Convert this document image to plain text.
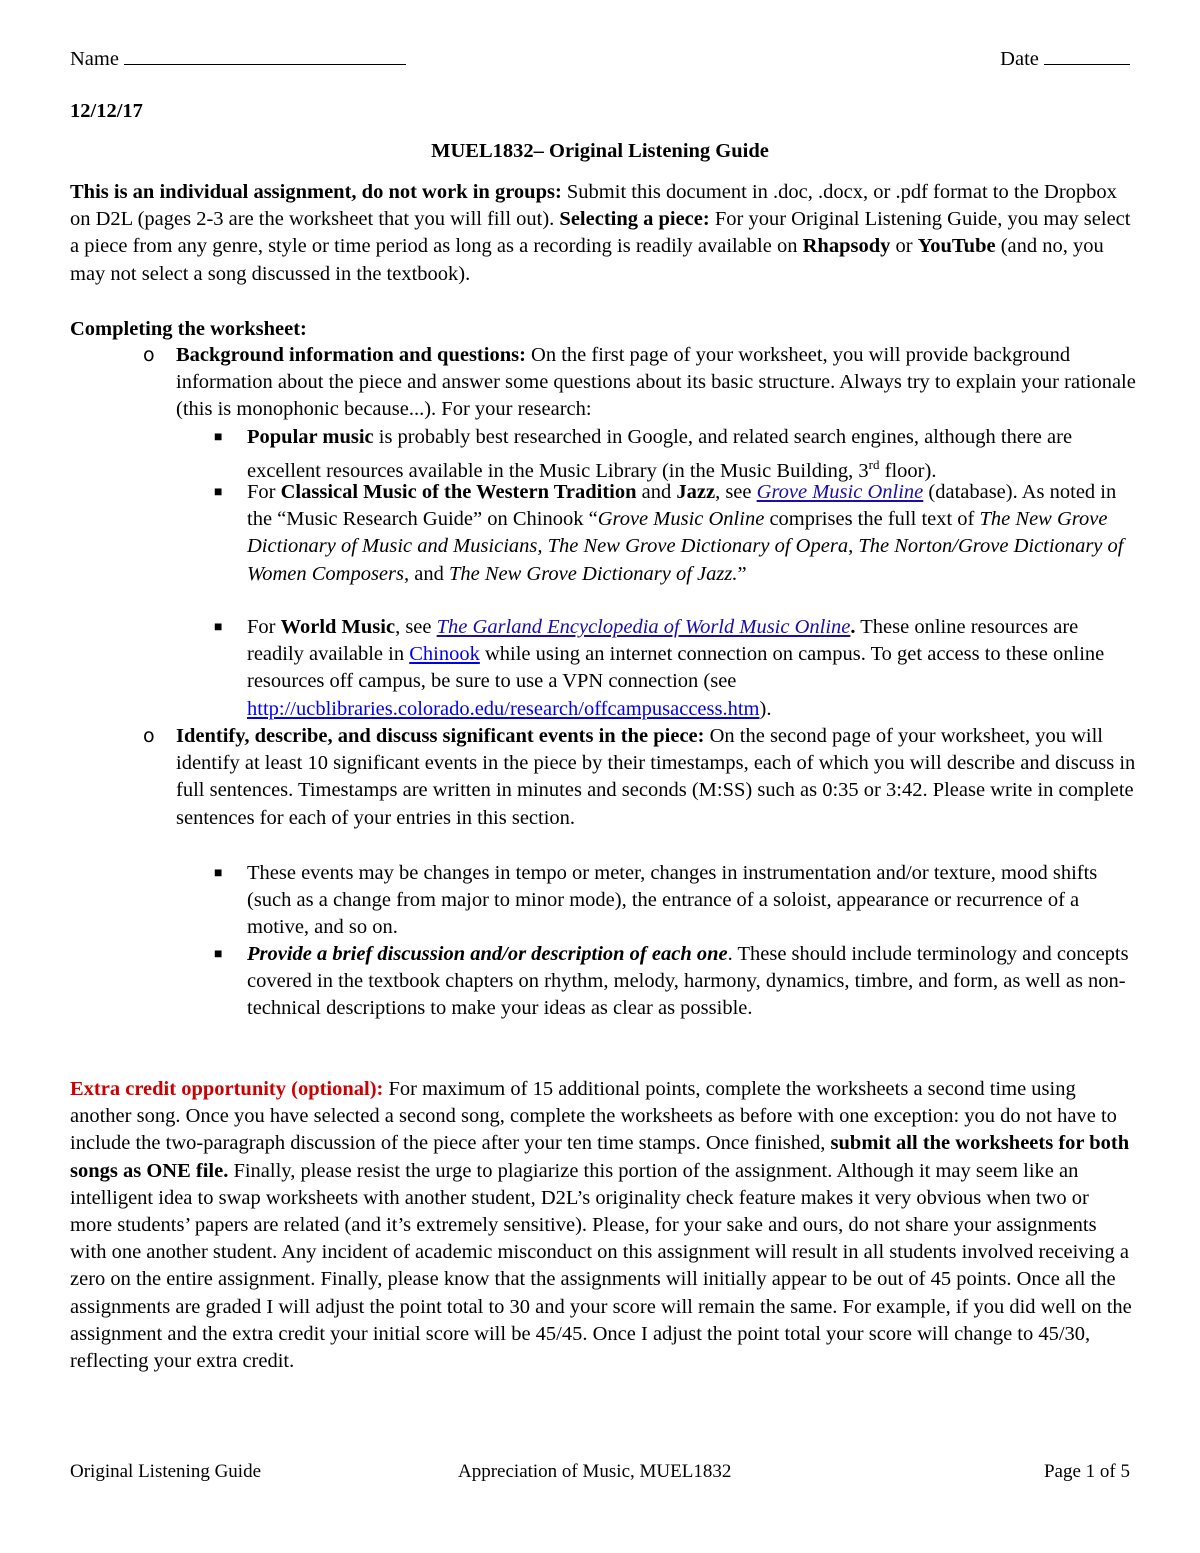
Name	Date
12/12/17
MUEL1832– Original Listening Guide

This is an individual assignment, do not work in groups: Submit this document in .doc, .docx, or .pdf format to the Dropbox on D2L (pages 2-3 are the worksheet that you will fill out). Selecting a piece: For your Original Listening Guide, you may select a piece from any genre, style or time period as long as a recording is readily available on Rhapsody or YouTube (and no, you may not select a song discussed in the textbook).

Completing the worksheet:

o Background information and questions: On the first page of your worksheet, you will provide background information about the piece and answer some questions about its basic structure. Always try to explain your rationale (this is monophonic because...). For your research:
■ Popular music is probably best researched in Google, and related search engines, although there are excellent resources available in the Music Library (in the Music Building, 3rd floor).
■ For Classical Music of the Western Tradition and Jazz, see Grove Music Online (database). As noted in the “Music Research Guide” on Chinook “Grove Music Online comprises the full text of The New Grove Dictionary of Music and Musicians, The New Grove Dictionary of Opera, The Norton/Grove Dictionary of Women Composers, and The New Grove Dictionary of Jazz.”
■ For World Music, see The Garland Encyclopedia of World Music Online. These online resources are readily available in Chinook while using an internet connection on campus. To get access to these online resources off campus, be sure to use a VPN connection (see http://ucblibraries.colorado.edu/research/offcampusaccess.htm).
o Identify, describe, and discuss significant events in the piece: On the second page of your worksheet, you will identify at least 10 significant events in the piece by their timestamps, each of which you will describe and discuss in full sentences. Timestamps are written in minutes and seconds (M:SS) such as 0:35 or 3:42. Please write in complete sentences for each of your entries in this section.
■ These events may be changes in tempo or meter, changes in instrumentation and/or texture, mood shifts (such as a change from major to minor mode), the entrance of a soloist, appearance or recurrence of a motive, and so on.
■ Provide a brief discussion and/or description of each one. These should include terminology and concepts covered in the textbook chapters on rhythm, melody, harmony, dynamics, timbre, and form, as well as non-technical descriptions to make your ideas as clear as possible.

Extra credit opportunity (optional): For maximum of 15 additional points, complete the worksheets a second time using another song. Once you have selected a second song, complete the worksheets as before with one exception: you do not have to include the two-paragraph discussion of the piece after your ten time stamps. Once finished, submit all the worksheets for both songs as ONE file. Finally, please resist the urge to plagiarize this portion of the assignment. Although it may seem like an intelligent idea to swap worksheets with another student, D2L’s originality check feature makes it very obvious when two or more students’ papers are related (and it’s extremely sensitive). Please, for your sake and ours, do not share your assignments with one another student. Any incident of academic misconduct on this assignment will result in all students involved receiving a zero on the entire assignment. Finally, please know that the assignments will initially appear to be out of 45 points. Once all the assignments are graded I will adjust the point total to 30 and your score will remain the same. For example, if you did well on the assignment and the extra credit your initial score will be 45/45. Once I adjust the point total your score will change to 45/30, reflecting your extra credit.

Original Listening Guide	Appreciation of Music, MUEL1832	Page 1 of 5
